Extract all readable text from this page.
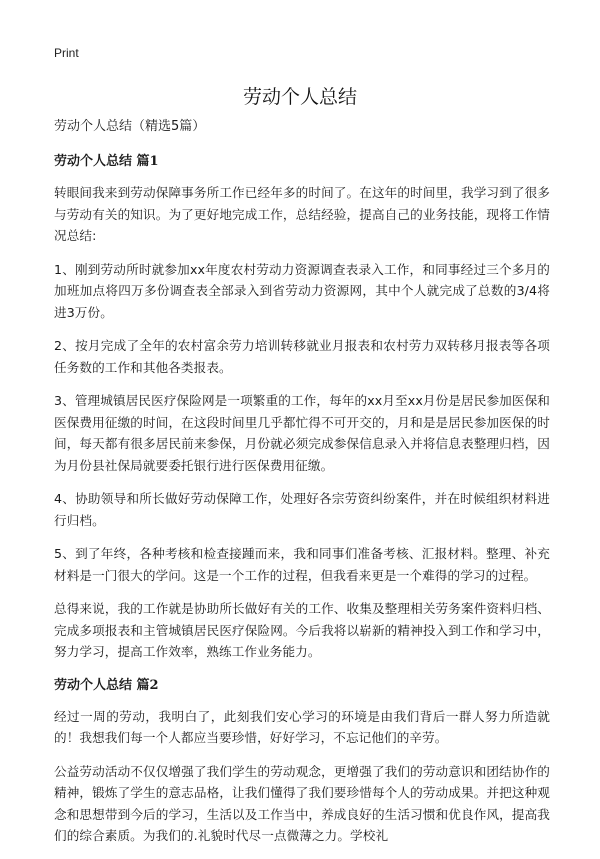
Print
劳动个人总结

劳动个人总结（精选5篇）

劳动个人总结 篇1

转眼间我来到劳动保障事务所工作已经年多的时间了。在这年的时间里，我学习到了很多与劳动有关的知识。为了更好地完成工作，总结经验，提高自己的业务技能，现将工作情况总结:

1、刚到劳动所时就参加xx年度农村劳动力资源调查表录入工作，和同事经过三个多月的加班加点将四万多份调查表全部录入到省劳动力资源网，其中个人就完成了总数的3/4将进3万份。

2、按月完成了全年的农村富余劳力培训转移就业月报表和农村劳力双转移月报表等各项任务数的工作和其他各类报表。

3、管理城镇居民医疗保险网是一项繁重的工作，每年的xx月至xx月份是居民参加医保和医保费用征缴的时间，在这段时间里几乎都忙得不可开交的，月和是是居民参加医保的时间，每天都有很多居民前来参保，月份就必须完成参保信息录入并将信息表整理归档，因为月份县社保局就要委托银行进行医保费用征缴。

4、协助领导和所长做好劳动保障工作，处理好各宗劳资纠纷案件，并在时候组织材料进行归档。

5、到了年终，各种考核和检查接踵而来，我和同事们准备考核、汇报材料。整理、补充材料是一门很大的学问。这是一个工作的过程，但我看来更是一个难得的学习的过程。

总得来说，我的工作就是协助所长做好有关的工作、收集及整理相关劳务案件资料归档、完成多项报表和主管城镇居民医疗保险网。今后我将以崭新的精神投入到工作和学习中，努力学习，提高工作效率，熟练工作业务能力。

劳动个人总结 篇2

经过一周的劳动，我明白了，此刻我们安心学习的环境是由我们背后一群人努力所造就的！我想我们每一个人都应当要珍惜，好好学习，不忘记他们的辛劳。

公益劳动活动不仅仅增强了我们学生的劳动观念，更增强了我们的劳动意识和团结协作的精神，锻炼了学生的意志品格，让我们懂得了我们要珍惜每个人的劳动成果。并把这种观念和思想带到今后的学习，生活以及工作当中，养成良好的生活习惯和优良作风，提高我们的综合素质。为我们的.礼貌时代尽一点微薄之力。学校礼
